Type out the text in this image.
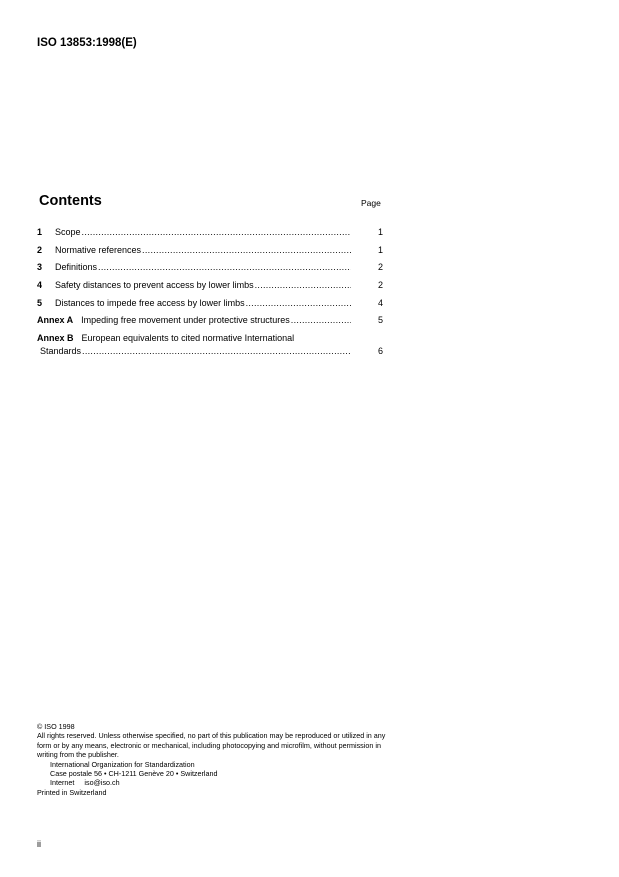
ISO 13853:1998(E)
Contents	Page
1	Scope .....	1
2	Normative references .....	1
3	Definitions .....	2
4	Safety distances to prevent access by lower limbs .....	2
5	Distances to impede free access by lower limbs .....	4
Annex A Impeding free movement under protective structures .....	5
Annex B European equivalents to cited normative International
Standards .....	6
© ISO 1998
All rights reserved. Unless otherwise specified, no part of this publication may be reproduced or utilized in any form or by any means, electronic or mechanical, including photocopying and microfilm, without permission in writing from the publisher.
International Organization for Standardization
Case postale 56 • CH-1211 Genève 20 • Switzerland
Internet iso@iso.ch
Printed in Switzerland
ii
